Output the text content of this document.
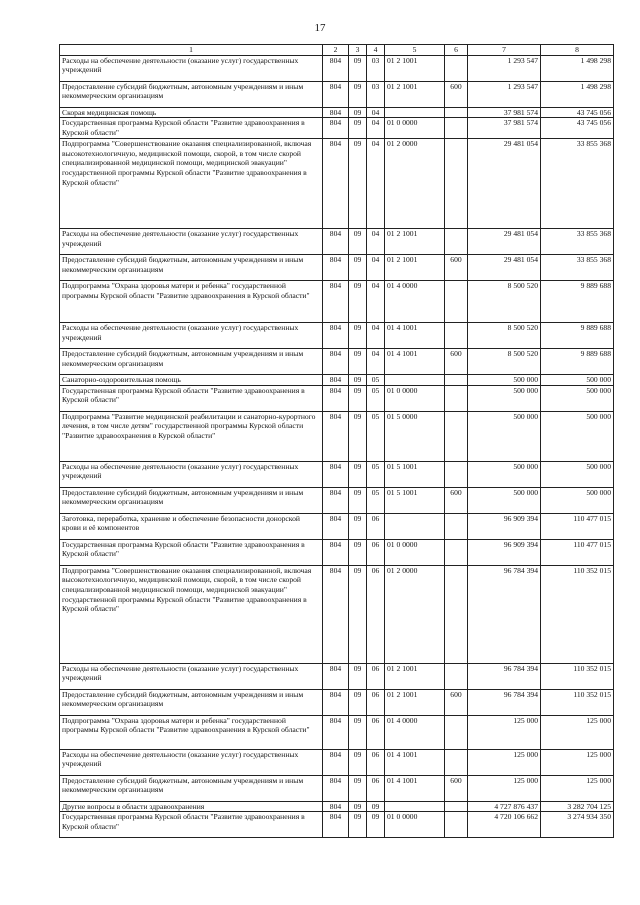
17
1	2	3	4	5	6	7	8
Расходы на обеспечение деятельности (оказание услуг) государственных учреждений	804	09	03	01 2 1001		1 293 547	1 498 298
Предоставление субсидий бюджетным, автономным учреждениям и иным некоммерческим организациям	804	09	03	01 2 1001	600	1 293 547	1 498 298
Скорая медицинская помощь	804	09	04			37 981 574	43 745 056
Государственная программа Курской области "Развитие здравоохранения в Курской области"	804	09	04	01 0 0000		37 981 574	43 745 056
Подпрограмма "Совершенствование оказания специализированной, включая высокотехнологичную, медицинской помощи, скорой, в том числе скорой специализированной медицинской помощи, медицинской эвакуации" государственной программы Курской области "Развитие здравоохранения в Курской области"	804	09	04	01 2 0000		29 481 054	33 855 368
Расходы на обеспечение деятельности (оказание услуг) государственных учреждений	804	09	04	01 2 1001		29 481 054	33 855 368
Предоставление субсидий бюджетным, автономным учреждениям и иным некоммерческим организациям	804	09	04	01 2 1001	600	29 481 054	33 855 368
Подпрограмма "Охрана здоровья матери и ребенка" государственной программы Курской области "Развитие здравоохранения в Курской области"	804	09	04	01 4 0000		8 500 520	9 889 688
Расходы на обеспечение деятельности (оказание услуг) государственных учреждений	804	09	04	01 4 1001		8 500 520	9 889 688
Предоставление субсидий бюджетным, автономным учреждениям и иным некоммерческим организациям	804	09	04	01 4 1001	600	8 500 520	9 889 688
Санаторно-оздоровительная помощь	804	09	05			500 000	500 000
Государственная программа Курской области "Развитие здравоохранения в Курской области"	804	09	05	01 0 0000		500 000	500 000
Подпрограмма "Развитие медицинской реабилитации и санаторно-курортного лечения, в том числе детям" государственной программы Курской области "Развитие здравоохранения в Курской области"	804	09	05	01 5 0000		500 000	500 000
Расходы на обеспечение деятельности (оказание услуг) государственных учреждений	804	09	05	01 5 1001		500 000	500 000
Предоставление субсидий бюджетным, автономным учреждениям и иным некоммерческим организациям	804	09	05	01 5 1001	600	500 000	500 000
Заготовка, переработка, хранение и обеспечение безопасности донорской крови и её компонентов	804	09	06			96 909 394	110 477 015
Государственная программа Курской области "Развитие здравоохранения в Курской области"	804	09	06	01 0 0000		96 909 394	110 477 015
Подпрограмма "Совершенствование оказания специализированной, включая высокотехнологичную, медицинской помощи, скорой, в том числе скорой специализированной медицинской помощи, медицинской эвакуации" государственной программы Курской области "Развитие здравоохранения в Курской области"	804	09	06	01 2 0000		96 784 394	110 352 015
Расходы на обеспечение деятельности (оказание услуг) государственных учреждений	804	09	06	01 2 1001		96 784 394	110 352 015
Предоставление субсидий бюджетным, автономным учреждениям и иным некоммерческим организациям	804	09	06	01 2 1001	600	96 784 394	110 352 015
Подпрограмма "Охрана здоровья матери и ребенка" государственной программы Курской области "Развитие здравоохранения в Курской области"	804	09	06	01 4 0000		125 000	125 000
Расходы на обеспечение деятельности (оказание услуг) государственных учреждений	804	09	06	01 4 1001		125 000	125 000
Предоставление субсидий бюджетным, автономным учреждениям и иным некоммерческим организациям	804	09	06	01 4 1001	600	125 000	125 000
Другие вопросы в области здравоохранения	804	09	09			4 727 876 437	3 282 704 125
Государственная программа Курской области "Развитие здравоохранения в Курской области"	804	09	09	01 0 0000		4 720 106 662	3 274 934 350
